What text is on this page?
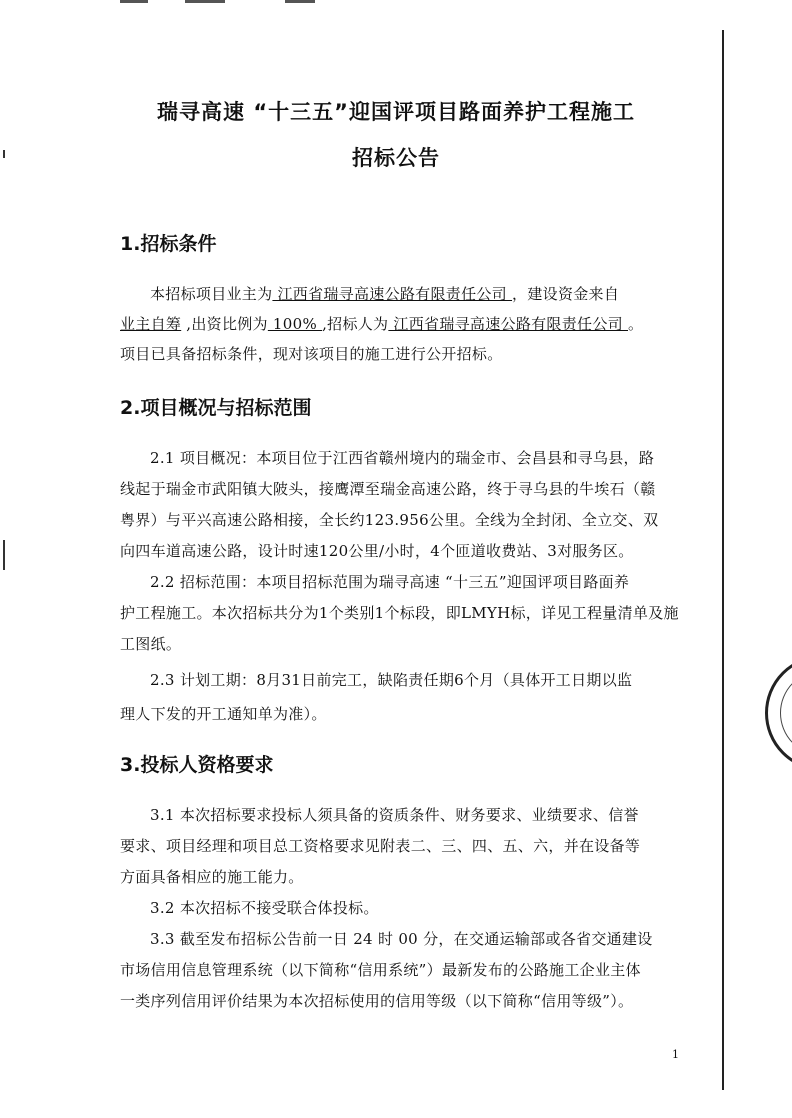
瑞寻高速 “十三五”迎国评项目路面养护工程施工
招标公告
1.招标条件
本招标项目业主为 江西省瑞寻高速公路有限责任公司 ，建设资金来自
业主自筹 ,出资比例为 100% ,招标人为 江西省瑞寻高速公路有限责任公司 。
项目已具备招标条件，现对该项目的施工进行公开招标。
2.项目概况与招标范围
2.1 项目概况：本项目位于江西省赣州境内的瑞金市、会昌县和寻乌县，路
线起于瑞金市武阳镇大陂头，接鹰潭至瑞金高速公路，终于寻乌县的牛埃石（赣
粤界）与平兴高速公路相接，全长约123.956公里。全线为全封闭、全立交、双
向四车道高速公路，设计时速120公里/小时，4个匝道收费站、3对服务区。
2.2 招标范围：本项目招标范围为瑞寻高速 “十三五”迎国评项目路面养
护工程施工。本次招标共分为1个类别1个标段，即LMYH标，详见工程量清单及施
工图纸。
2.3 计划工期：8月31日前完工，缺陷责任期6个月（具体开工日期以监
理人下发的开工通知单为准）。
3.投标人资格要求
3.1 本次招标要求投标人须具备的资质条件、财务要求、业绩要求、信誉
要求、项目经理和项目总工资格要求见附表二、三、四、五、六，并在设备等
方面具备相应的施工能力。
3.2 本次招标不接受联合体投标。
3.3 截至发布招标公告前一日 24 时 00 分，在交通运输部或各省交通建设
市场信用信息管理系统（以下简称“信用系统”）最新发布的公路施工企业主体
一类序列信用评价结果为本次招标使用的信用等级（以下简称“信用等级”）。
1
